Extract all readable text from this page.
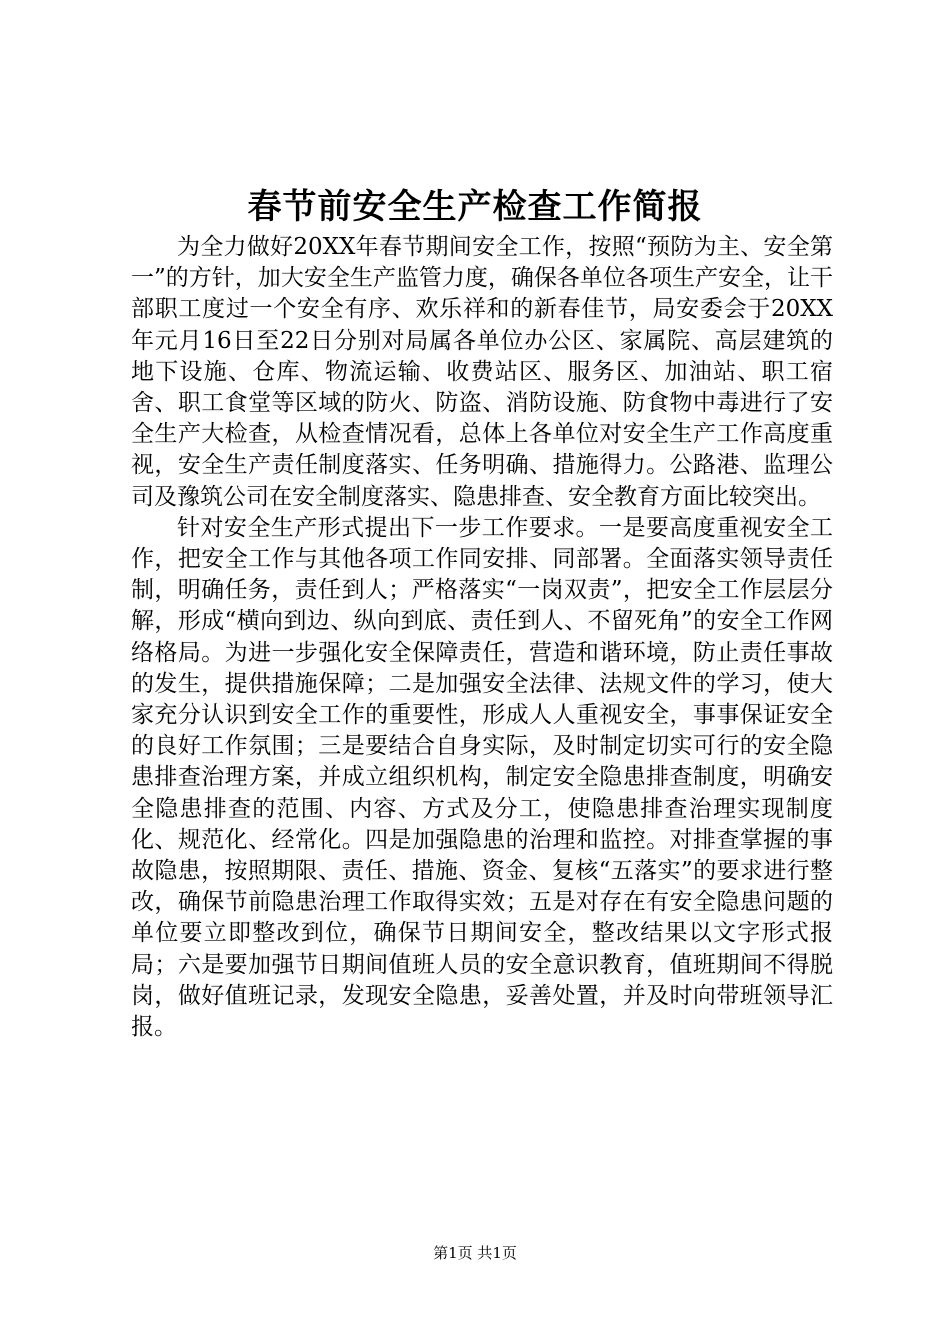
春节前安全生产检查工作简报

为全力做好20XX年春节期间安全工作，按照“预防为主、安全第一”的方针，加大安全生产监管力度，确保各单位各项生产安全，让干部职工度过一个安全有序、欢乐祥和的新春佳节，局安委会于20XX年元月16日至22日分别对局属各单位办公区、家属院、高层建筑的地下设施、仓库、物流运输、收费站区、服务区、加油站、职工宿舍、职工食堂等区域的防火、防盗、消防设施、防食物中毒进行了安全生产大检查，从检查情况看，总体上各单位对安全生产工作高度重视，安全生产责任制度落实、任务明确、措施得力。公路港、监理公司及豫筑公司在安全制度落实、隐患排查、安全教育方面比较突出。

针对安全生产形式提出下一步工作要求。一是要高度重视安全工作，把安全工作与其他各项工作同安排、同部署。全面落实领导责任制，明确任务，责任到人；严格落实“一岗双责”，把安全工作层层分解，形成“横向到边、纵向到底、责任到人、不留死角”的安全工作网络格局。为进一步强化安全保障责任，营造和谐环境，防止责任事故的发生，提供措施保障；二是加强安全法律、法规文件的学习，使大家充分认识到安全工作的重要性，形成人人重视安全，事事保证安全的良好工作氛围；三是要结合自身实际，及时制定切实可行的安全隐患排查治理方案，并成立组织机构，制定安全隐患排查制度，明确安全隐患排查的范围、内容、方式及分工，使隐患排查治理实现制度化、规范化、经常化。四是加强隐患的治理和监控。对排查掌握的事故隐患，按照期限、责任、措施、资金、复核“五落实”的要求进行整改，确保节前隐患治理工作取得实效；五是对存在有安全隐患问题的单位要立即整改到位，确保节日期间安全，整改结果以文字形式报局；六是要加强节日期间值班人员的安全意识教育，值班期间不得脱岗，做好值班记录，发现安全隐患，妥善处置，并及时向带班领导汇报。

第1页 共1页
